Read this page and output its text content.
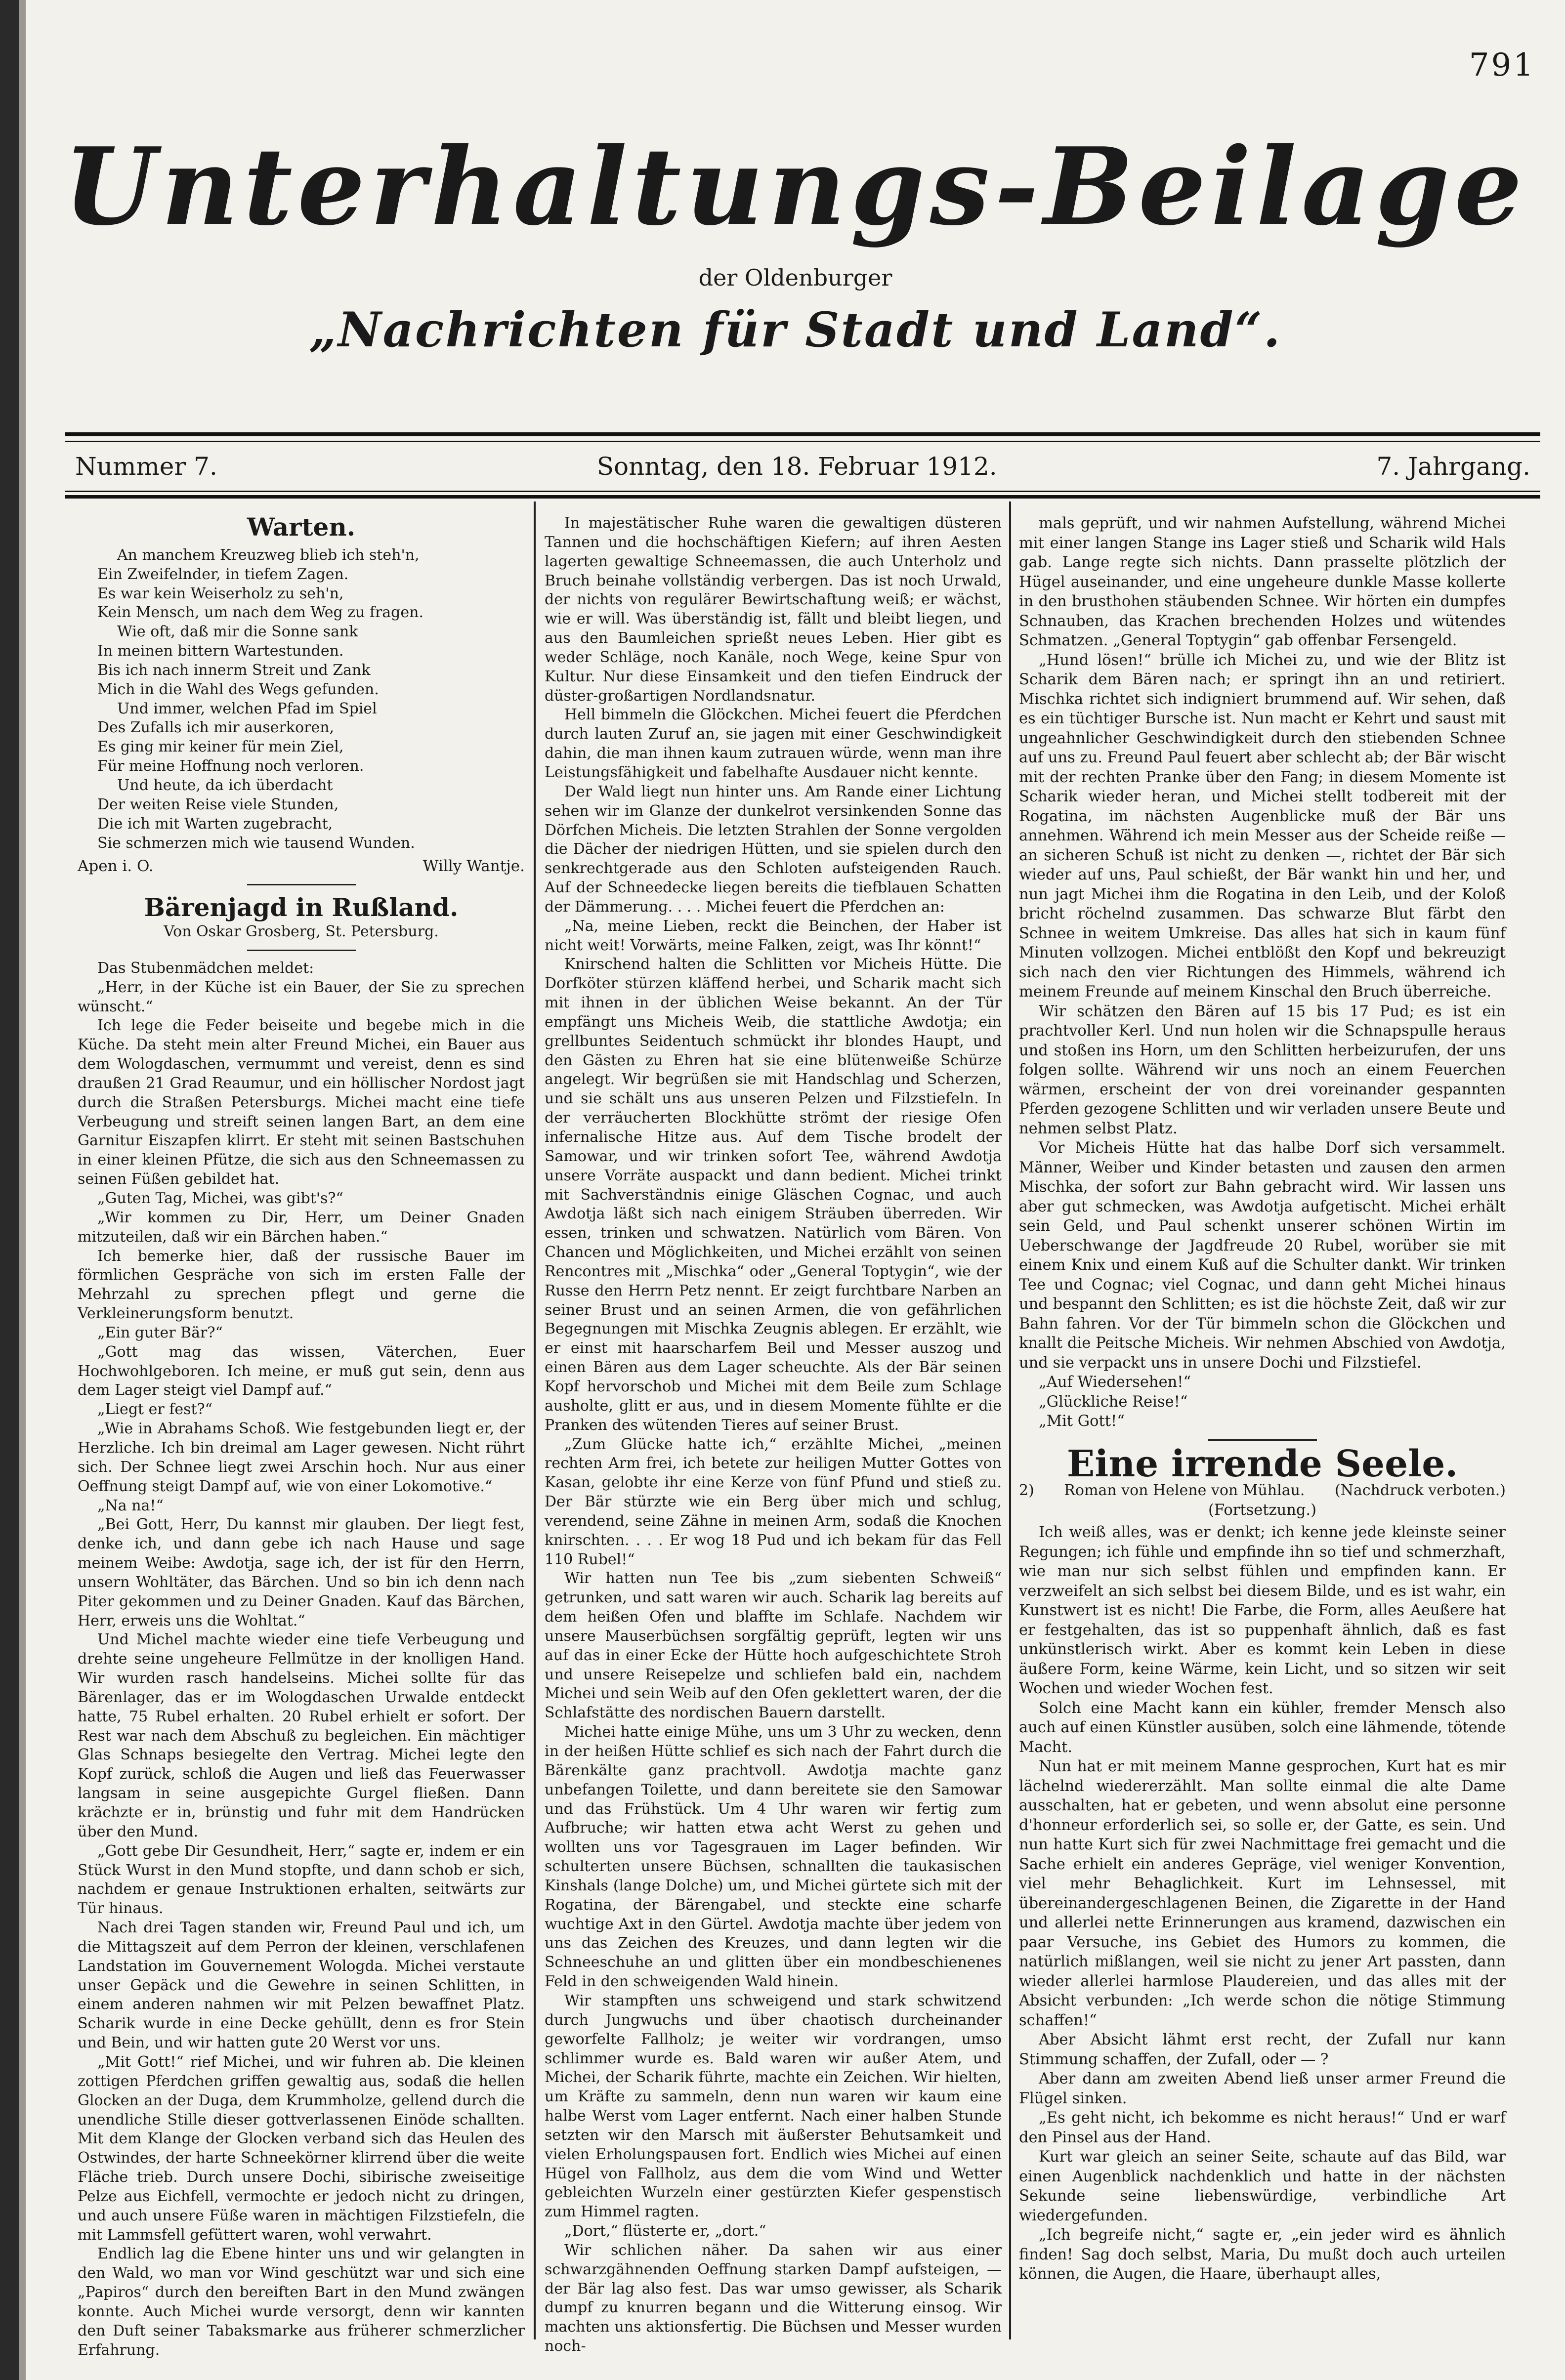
791
Unterhaltungs-Beilage
der Oldenburger
„Nachrichten für Stadt und Land“.
Nummer 7.	Sonntag, den 18. Februar 1912.	7. Jahrgang.
Warten.

An manchem Kreuzweg blieb ich steh'n,
Ein Zweifelnder, in tiefem Zagen.
Es war kein Weiserholz zu seh'n,
Kein Mensch, um nach dem Weg zu fragen.

Wie oft, daß mir die Sonne sank
In meinen bittern Wartestunden.
Bis ich nach innerm Streit und Zank
Mich in die Wahl des Wegs gefunden.

Und immer, welchen Pfad im Spiel
Des Zufalls ich mir auserkoren,
Es ging mir keiner für mein Ziel,
Für meine Hoffnung noch verloren.

Und heute, da ich überdacht
Der weiten Reise viele Stunden,
Die ich mit Warten zugebracht,
Sie schmerzen mich wie tausend Wunden.

Apen i. O.	Willy Wantje.
Bärenjagd in Rußland.
Von Oskar Grosberg, St. Petersburg.

Das Stubenmädchen meldet:

„Herr, in der Küche ist ein Bauer, der Sie zu sprechen wünscht.“

Ich lege die Feder beiseite und begebe mich in die Küche. Da steht mein alter Freund Michei, ein Bauer aus dem Wologdaschen, vermummt und vereist, denn es sind draußen 21 Grad Reaumur, und ein höllischer Nordost jagt durch die Straßen Petersburgs. Michei macht eine tiefe Verbeugung und streift seinen langen Bart, an dem eine Garnitur Eiszapfen klirrt. Er steht mit seinen Bastschuhen in einer kleinen Pfütze, die sich aus den Schneemassen zu seinen Füßen gebildet hat.

„Guten Tag, Michei, was gibt's?“

„Wir kommen zu Dir, Herr, um Deiner Gnaden mitzuteilen, daß wir ein Bärchen haben.“

Ich bemerke hier, daß der russische Bauer im förmlichen Gespräche von sich im ersten Falle der Mehrzahl zu sprechen pflegt und gerne die Verkleinerungsform benutzt.

„Ein guter Bär?“

„Gott mag das wissen, Väterchen, Euer Hochwohlgeboren. Ich meine, er muß gut sein, denn aus dem Lager steigt viel Dampf auf.“

„Liegt er fest?“

„Wie in Abrahams Schoß. Wie festgebunden liegt er, der Herzliche. Ich bin dreimal am Lager gewesen. Nicht rührt sich. Der Schnee liegt zwei Arschin hoch. Nur aus einer Oeffnung steigt Dampf auf, wie von einer Lokomotive.“

„Na na!“

„Bei Gott, Herr, Du kannst mir glauben. Der liegt fest, denke ich, und dann gebe ich nach Hause und sage meinem Weibe: Awdotja, sage ich, der ist für den Herrn, unsern Wohltäter, das Bärchen. Und so bin ich denn nach Piter gekommen und zu Deiner Gnaden. Kauf das Bärchen, Herr, erweis uns die Wohltat.“

Und Michel machte wieder eine tiefe Verbeugung und drehte seine ungeheure Fellmütze in der knolligen Hand. Wir wurden rasch handelseins. Michei sollte für das Bärenlager, das er im Wologdaschen Urwalde entdeckt hatte, 75 Rubel erhalten. 20 Rubel erhielt er sofort. Der Rest war nach dem Abschuß zu begleichen. Ein mächtiger Glas Schnaps besiegelte den Vertrag. Michei legte den Kopf zurück, schloß die Augen und ließ das Feuerwasser langsam in seine ausgepichte Gurgel fließen. Dann krächzte er in, brünstig und fuhr mit dem Handrücken über den Mund.

„Gott gebe Dir Gesundheit, Herr,“ sagte er, indem er ein Stück Wurst in den Mund stopfte, und dann schob er sich, nachdem er genaue Instruktionen erhalten, seitwärts zur Tür hinaus.

Nach drei Tagen standen wir, Freund Paul und ich, um die Mittagszeit auf dem Perron der kleinen, verschlafenen Landstation im Gouvernement Wologda. Michei verstaute unser Gepäck und die Gewehre in seinen Schlitten, in einem anderen nahmen wir mit Pelzen bewaffnet Platz. Scharik wurde in eine Decke gehüllt, denn es fror Stein und Bein, und wir hatten gute 20 Werst vor uns.

„Mit Gott!“ rief Michei, und wir fuhren ab. Die kleinen zottigen Pferdchen griffen gewaltig aus, sodaß die hellen Glocken an der Duga, dem Krummholze, gellend durch die unendliche Stille dieser gottverlassenen Einöde schallten. Mit dem Klange der Glocken verband sich das Heulen des Ostwindes, der harte Schneekörner klirrend über die weite Fläche trieb. Durch unsere Dochi, sibirische zweiseitige Pelze aus Eichfell, vermochte er jedoch nicht zu dringen, und auch unsere Füße waren in mächtigen Filzstiefeln, die mit Lammsfell gefüttert waren, wohl verwahrt.

Endlich lag die Ebene hinter uns und wir gelangten in den Wald, wo man vor Wind geschützt war und sich eine „Papiros“ durch den bereiften Bart in den Mund zwängen konnte. Auch Michei wurde versorgt, denn wir kannten den Duft seiner Tabaksmarke aus früherer schmerzlicher Erfahrung.

In majestätischer Ruhe waren die gewaltigen düsteren Tannen und die hochschäftigen Kiefern; auf ihren Aesten lagerten gewaltige Schneemassen, die auch Unterholz und Bruch beinahe vollständig verbergen. Das ist noch Urwald, der nichts von regulärer Bewirtschaftung weiß; er wächst, wie er will. Was überständig ist, fällt und bleibt liegen, und aus den Baumleichen sprießt neues Leben. Hier gibt es weder Schläge, noch Kanäle, noch Wege, keine Spur von Kultur. Nur diese Einsamkeit und den tiefen Eindruck der düster-großartigen Nordlandsnatur.

Hell bimmeln die Glöckchen. Michei feuert die Pferdchen durch lauten Zuruf an, sie jagen mit einer Geschwindigkeit dahin, die man ihnen kaum zutrauen würde, wenn man ihre Leistungsfähigkeit und fabelhafte Ausdauer nicht kennte.

Der Wald liegt nun hinter uns. Am Rande einer Lichtung sehen wir im Glanze der dunkelrot versinkenden Sonne das Dörfchen Micheis. Die letzten Strahlen der Sonne vergolden die Dächer der niedrigen Hütten, und sie spielen durch den senkrechtgerade aus den Schloten aufsteigenden Rauch. Auf der Schneedecke liegen bereits die tiefblauen Schatten der Dämmerung. . . . Michei feuert die Pferdchen an:

„Na, meine Lieben, reckt die Beinchen, der Haber ist nicht weit! Vorwärts, meine Falken, zeigt, was Ihr könnt!“

Knirschend halten die Schlitten vor Micheis Hütte. Die Dorfköter stürzen kläffend herbei, und Scharik macht sich mit ihnen in der üblichen Weise bekannt. An der Tür empfängt uns Micheis Weib, die stattliche Awdotja; ein grellbuntes Seidentuch schmückt ihr blondes Haupt, und den Gästen zu Ehren hat sie eine blütenweiße Schürze angelegt. Wir begrüßen sie mit Handschlag und Scherzen, und sie schält uns aus unseren Pelzen und Filzstiefeln. In der verräucherten Blockhütte strömt der riesige Ofen infernalische Hitze aus. Auf dem Tische brodelt der Samowar, und wir trinken sofort Tee, während Awdotja unsere Vorräte auspackt und dann bedient. Michei trinkt mit Sachverständnis einige Gläschen Cognac, und auch Awdotja läßt sich nach einigem Sträuben überreden. Wir essen, trinken und schwatzen. Natürlich vom Bären. Von Chancen und Möglichkeiten, und Michei erzählt von seinen Rencontres mit „Mischka“ oder „General Toptygin“, wie der Russe den Herrn Petz nennt. Er zeigt furchtbare Narben an seiner Brust und an seinen Armen, die von gefährlichen Begegnungen mit Mischka Zeugnis ablegen. Er erzählt, wie er einst mit haarscharfem Beil und Messer auszog und einen Bären aus dem Lager scheuchte. Als der Bär seinen Kopf hervorschob und Michei mit dem Beile zum Schlage ausholte, glitt er aus, und in diesem Momente fühlte er die Pranken des wütenden Tieres auf seiner Brust.

„Zum Glücke hatte ich,“ erzählte Michei, „meinen rechten Arm frei, ich betete zur heiligen Mutter Gottes von Kasan, gelobte ihr eine Kerze von fünf Pfund und stieß zu. Der Bär stürzte wie ein Berg über mich und schlug, verendend, seine Zähne in meinen Arm, sodaß die Knochen knirschten. . . . Er wog 18 Pud und ich bekam für das Fell 110 Rubel!“

Wir hatten nun Tee bis „zum siebenten Schweiß“ getrunken, und satt waren wir auch. Scharik lag bereits auf dem heißen Ofen und blaffte im Schlafe. Nachdem wir unsere Mauserbüchsen sorgfältig geprüft, legten wir uns auf das in einer Ecke der Hütte hoch aufgeschichtete Stroh und unsere Reisepelze und schliefen bald ein, nachdem Michei und sein Weib auf den Ofen geklettert waren, der die Schlafstätte des nordischen Bauern darstellt.

Michei hatte einige Mühe, uns um 3 Uhr zu wecken, denn in der heißen Hütte schlief es sich nach der Fahrt durch die Bärenkälte ganz prachtvoll. Awdotja machte ganz unbefangen Toilette, und dann bereitete sie den Samowar und das Frühstück. Um 4 Uhr waren wir fertig zum Aufbruche; wir hatten etwa acht Werst zu gehen und wollten uns vor Tagesgrauen im Lager befinden. Wir schulterten unsere Büchsen, schnallten die taukasischen Kinshals (lange Dolche) um, und Michei gürtete sich mit der Rogatina, der Bärengabel, und steckte eine scharfe wuchtige Axt in den Gürtel. Awdotja machte über jedem von uns das Zeichen des Kreuzes, und dann legten wir die Schneeschuhe an und glitten über ein mondbeschienenes Feld in den schweigenden Wald hinein.

Wir stampften uns schweigend und stark schwitzend durch Jungwuchs und über chaotisch durcheinander geworfelte Fallholz; je weiter wir vordrangen, umso schlimmer wurde es. Bald waren wir außer Atem, und Michei, der Scharik führte, machte ein Zeichen. Wir hielten, um Kräfte zu sammeln, denn nun waren wir kaum eine halbe Werst vom Lager entfernt. Nach einer halben Stunde setzten wir den Marsch mit äußerster Behutsamkeit und vielen Erholungspausen fort. Endlich wies Michei auf einen Hügel von Fallholz, aus dem die vom Wind und Wetter gebleichten Wurzeln einer gestürzten Kiefer gespenstisch zum Himmel ragten.

„Dort,“ flüsterte er, „dort.“

Wir schlichen näher. Da sahen wir aus einer schwarzgähnenden Oeffnung starken Dampf aufsteigen, — der Bär lag also fest. Das war umso gewisser, als Scharik dumpf zu knurren begann und die Witterung einsog. Wir machten uns aktionsfertig. Die Büchsen und Messer wurden noch-

mals geprüft, und wir nahmen Aufstellung, während Michei mit einer langen Stange ins Lager stieß und Scharik wild Hals gab. Lange regte sich nichts. Dann prasselte plötzlich der Hügel auseinander, und eine ungeheure dunkle Masse kollerte in den brusthohen stäubenden Schnee. Wir hörten ein dumpfes Schnauben, das Krachen brechenden Holzes und wütendes Schmatzen. „General Toptygin“ gab offenbar Fersengeld.

„Hund lösen!“ brülle ich Michei zu, und wie der Blitz ist Scharik dem Bären nach; er springt ihn an und retiriert. Mischka richtet sich indigniert brummend auf. Wir sehen, daß es ein tüchtiger Bursche ist. Nun macht er Kehrt und saust mit ungeahnlicher Geschwindigkeit durch den stiebenden Schnee auf uns zu. Freund Paul feuert aber schlecht ab; der Bär wischt mit der rechten Pranke über den Fang; in diesem Momente ist Scharik wieder heran, und Michei stellt todbereit mit der Rogatina, im nächsten Augenblicke muß der Bär uns annehmen. Während ich mein Messer aus der Scheide reiße — an sicheren Schuß ist nicht zu denken —, richtet der Bär sich wieder auf uns, Paul schießt, der Bär wankt hin und her, und nun jagt Michei ihm die Rogatina in den Leib, und der Koloß bricht röchelnd zusammen. Das schwarze Blut färbt den Schnee in weitem Umkreise. Das alles hat sich in kaum fünf Minuten vollzogen. Michei entblößt den Kopf und bekreuzigt sich nach den vier Richtungen des Himmels, während ich meinem Freunde auf meinem Kinschal den Bruch überreiche.

Wir schätzen den Bären auf 15 bis 17 Pud; es ist ein prachtvoller Kerl. Und nun holen wir die Schnapspulle heraus und stoßen ins Horn, um den Schlitten herbeizurufen, der uns folgen sollte. Während wir uns noch an einem Feuerchen wärmen, erscheint der von drei voreinander gespannten Pferden gezogene Schlitten und wir verladen unsere Beute und nehmen selbst Platz.

Vor Micheis Hütte hat das halbe Dorf sich versammelt. Männer, Weiber und Kinder betasten und zausen den armen Mischka, der sofort zur Bahn gebracht wird. Wir lassen uns aber gut schmecken, was Awdotja aufgetischt. Michei erhält sein Geld, und Paul schenkt unserer schönen Wirtin im Ueberschwange der Jagdfreude 20 Rubel, worüber sie mit einem Knix und einem Kuß auf die Schulter dankt. Wir trinken Tee und Cognac; viel Cognac, und dann geht Michei hinaus und bespannt den Schlitten; es ist die höchste Zeit, daß wir zur Bahn fahren. Vor der Tür bimmeln schon die Glöckchen und knallt die Peitsche Micheis. Wir nehmen Abschied von Awdotja, und sie verpackt uns in unsere Dochi und Filzstiefel.

„Auf Wiedersehen!“

„Glückliche Reise!“

„Mit Gott!“

Eine irrende Seele.
2) Roman von Helene von Mühlau. (Nachdruck verboten.)
(Fortsetzung.)

Ich weiß alles, was er denkt; ich kenne jede kleinste seiner Regungen; ich fühle und empfinde ihn so tief und schmerzhaft, wie man nur sich selbst fühlen und empfinden kann. Er verzweifelt an sich selbst bei diesem Bilde, und es ist wahr, ein Kunstwert ist es nicht! Die Farbe, die Form, alles Aeußere hat er festgehalten, das ist so puppenhaft ähnlich, daß es fast unkünstlerisch wirkt. Aber es kommt kein Leben in diese äußere Form, keine Wärme, kein Licht, und so sitzen wir seit Wochen und wieder Wochen fest.

Solch eine Macht kann ein kühler, fremder Mensch also auch auf einen Künstler ausüben, solch eine lähmende, tötende Macht.

Nun hat er mit meinem Manne gesprochen, Kurt hat es mir lächelnd wiedererzählt. Man sollte einmal die alte Dame ausschalten, hat er gebeten, und wenn absolut eine personne d'honneur erforderlich sei, so solle er, der Gatte, es sein. Und nun hatte Kurt sich für zwei Nachmittage frei gemacht und die Sache erhielt ein anderes Gepräge, viel weniger Konvention, viel mehr Behaglichkeit. Kurt im Lehnsessel, mit übereinandergeschlagenen Beinen, die Zigarette in der Hand und allerlei nette Erinnerungen aus kramend, dazwischen ein paar Versuche, ins Gebiet des Humors zu kommen, die natürlich mißlangen, weil sie nicht zu jener Art passten, dann wieder allerlei harmlose Plaudereien, und das alles mit der Absicht verbunden: „Ich werde schon die nötige Stimmung schaffen!“

Aber Absicht lähmt erst recht, der Zufall nur kann Stimmung schaffen, der Zufall, oder — ?

Aber dann am zweiten Abend ließ unser armer Freund die Flügel sinken.

„Es geht nicht, ich bekomme es nicht heraus!“ Und er warf den Pinsel aus der Hand.

Kurt war gleich an seiner Seite, schaute auf das Bild, war einen Augenblick nachdenklich und hatte in der nächsten Sekunde seine liebenswürdige, verbindliche Art wiedergefunden.

„Ich begreife nicht,“ sagte er, „ein jeder wird es ähnlich finden! Sag doch selbst, Maria, Du mußt doch auch urteilen können, die Augen, die Haare, überhaupt alles,
